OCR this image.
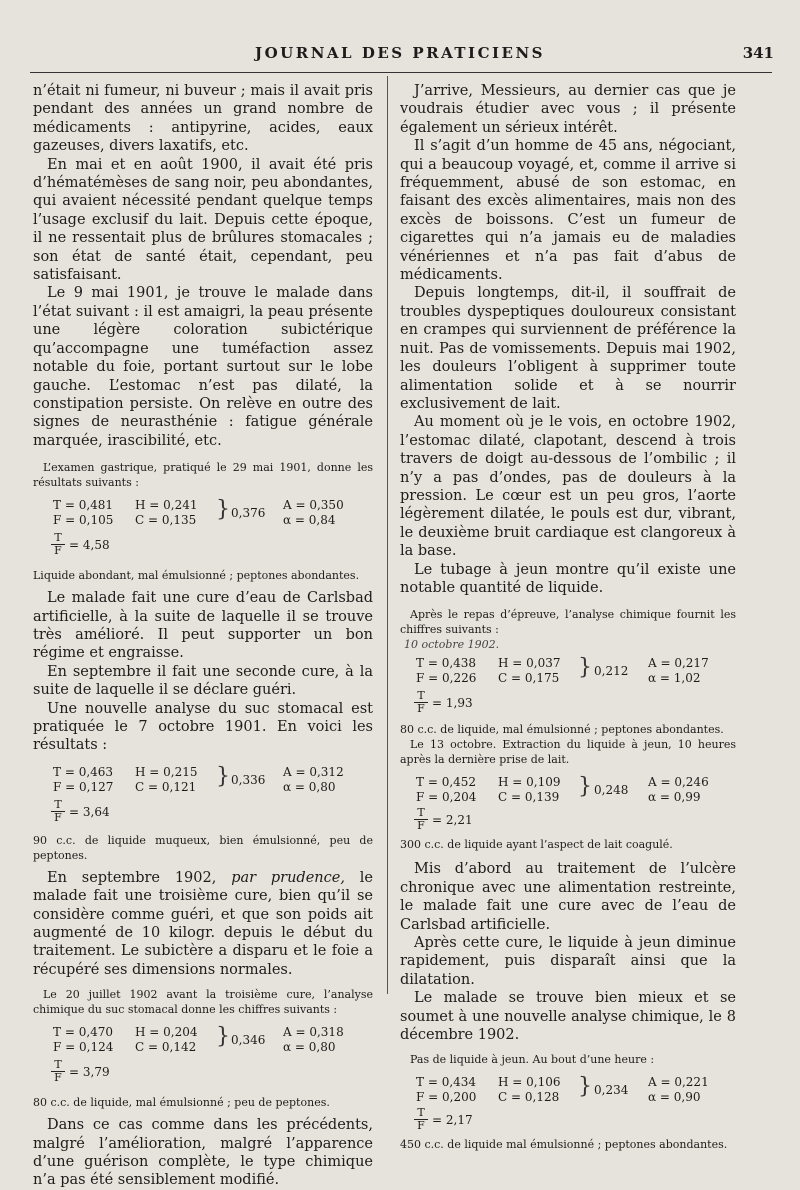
JOURNAL DES PRATICIENS	341

n’était ni fumeur, ni buveur ; mais il avait pris pendant des années un grand nombre de médicaments : antipyrine, acides, eaux gazeuses, divers laxatifs, etc.

En mai et en août 1900, il avait été pris d’hématémèses de sang noir, peu abondantes, qui avaient nécessité pendant quelque temps l’usage exclusif du lait. Depuis cette époque, il ne ressentait plus de brûlures stomacales ; son état de santé était, cependant, peu satisfaisant.

Le 9 mai 1901, je trouve le malade dans l’état suivant : il est amaigri, la peau présente une légère coloration subictérique qu’accompagne une tuméfaction assez notable du foie, portant surtout sur le lobe gauche. L’estomac n’est pas dilaté, la constipation persiste. On relève en outre des signes de neurasthénie : fatigue générale marquée, irascibilité, etc.

L’examen gastrique, pratiqué le 29 mai 1901, donne les résultats suivants :

T = 0,481
F = 0,105
H = 0,241
C = 0,135 } 0,376
A = 0,350
α = 0,84
$\frac{T}{F} = 4,58$

Liquide abondant, mal émulsionné ; peptones abondantes.

Le malade fait une cure d’eau de Carlsbad artificielle, à la suite de laquelle il se trouve très amélioré. Il peut supporter un bon régime et engraisse.

En septembre il fait une seconde cure, à la suite de laquelle il se déclare guéri.

Une nouvelle analyse du suc stomacal est pratiquée le 7 octobre 1901. En voici les résultats :

T = 0,463
F = 0,127
H = 0,215
C = 0,121 } 0,336
A = 0,312
α = 0,80
$\frac{T}{F} = 3,64$

90 c.c. de liquide muqueux, bien émulsionné, peu de peptones.

En septembre 1902, par prudence, le malade fait une troisième cure, bien qu’il se considère comme guéri, et que son poids ait augmenté de 10 kilogr. depuis le début du traitement. Le subictère a disparu et le foie a récupéré ses dimensions normales.

Le 20 juillet 1902 avant la troisième cure, l’analyse chimique du suc stomacal donne les chiffres suivants :

T = 0,470
F = 0,124
H = 0,204
C = 0,142 } 0,346
A = 0,318
α = 0,80
$\frac{T}{F} = 3,79$

80 c.c. de liquide, mal émulsionné ; peu de peptones.

Dans ce cas comme dans les précédents, malgré l’amélioration, malgré l’apparence d’une guérison complète, le type chimique n’a pas été sensiblement modifié.

J’arrive, Messieurs, au dernier cas que je voudrais étudier avec vous ; il présente également un sérieux intérêt.

Il s’agit d’un homme de 45 ans, négociant, qui a beaucoup voyagé, et, comme il arrive si fréquemment, abusé de son estomac, en faisant des excès alimentaires, mais non des excès de boissons. C’est un fumeur de cigarettes qui n’a jamais eu de maladies vénériennes et n’a pas fait d’abus de médicaments.

Depuis longtemps, dit-il, il souffrait de troubles dyspeptiques douloureux consistant en crampes qui surviennent de préférence la nuit. Pas de vomissements. Depuis mai 1902, les douleurs l’obligent à supprimer toute alimentation solide et à se nourrir exclusivement de lait.

Au moment où je le vois, en octobre 1902, l’estomac dilaté, clapotant, descend à trois travers de doigt au-dessous de l’ombilic ; il n’y a pas d’ondes, pas de douleurs à la pression. Le cœur est un peu gros, l’aorte légèrement dilatée, le pouls est dur, vibrant, le deuxième bruit cardiaque est clangoreux à la base.

Le tubage à jeun montre qu’il existe une notable quantité de liquide.

Après le repas d’épreuve, l’analyse chimique fournit les chiffres suivants :

10 octobre 1902.

T = 0,438
F = 0,226
H = 0,037
C = 0,175 } 0,212
A = 0,217
α = 1,02
$\frac{T}{F} = 1,93$

80 c.c. de liquide, mal émulsionné ; peptones abondantes.

Le 13 octobre. Extraction du liquide à jeun, 10 heures après la dernière prise de lait.

T = 0,452
F = 0,204
H = 0,109
C = 0,139 } 0,248
A = 0,246
α = 0,99
$\frac{T}{F} = 2,21$

300 c.c. de liquide ayant l’aspect de lait coagulé.

Mis d’abord au traitement de l’ulcère chronique avec une alimentation restreinte, le malade fait une cure avec de l’eau de Carlsbad artificielle.

Après cette cure, le liquide à jeun diminue rapidement, puis disparaît ainsi que la dilatation.

Le malade se trouve bien mieux et se soumet à une nouvelle analyse chimique, le 8 décembre 1902.

Pas de liquide à jeun. Au bout d’une heure :

T = 0,434
F = 0,200
H = 0,106
C = 0,128 } 0,234
A = 0,221
α = 0,90
$\frac{T}{F} = 2,17$

450 c.c. de liquide mal émulsionné ; peptones abondantes.
